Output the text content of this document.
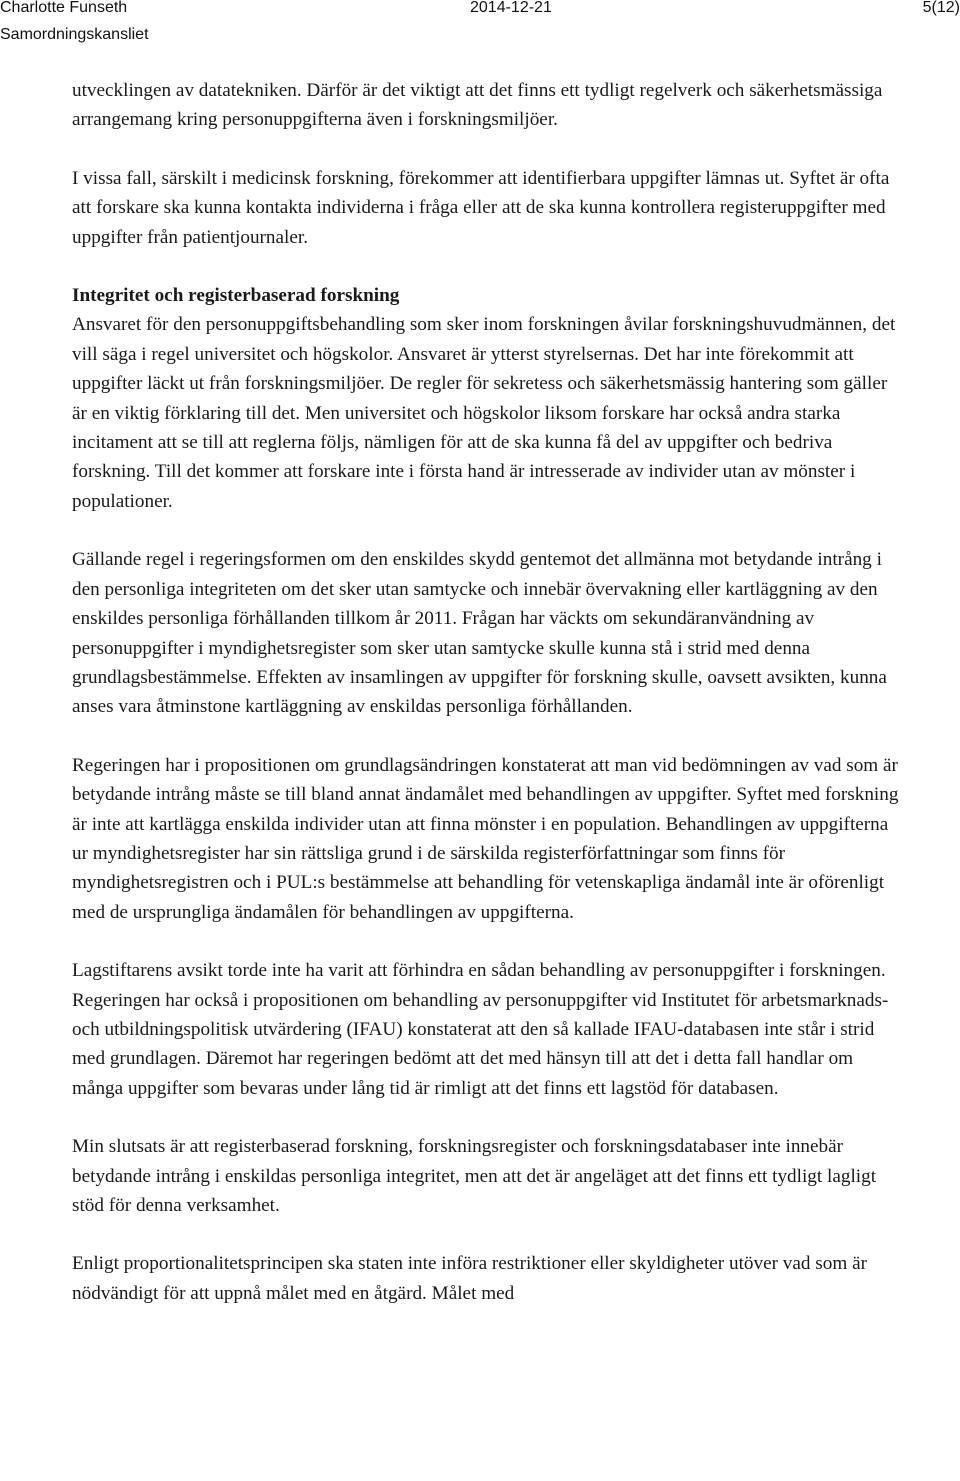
Charlotte Funseth
Samordningskansliet
2014-12-21	5(12)

utvecklingen av datatekniken. Därför är det viktigt att det finns ett tydligt regelverk och säkerhetsmässiga arrangemang kring personuppgifterna även i forskningsmiljöer.

I vissa fall, särskilt i medicinsk forskning, förekommer att identifierbara uppgifter lämnas ut. Syftet är ofta att forskare ska kunna kontakta individerna i fråga eller att de ska kunna kontrollera registeruppgifter med uppgifter från patientjournaler.

Integritet och registerbaserad forskning

Ansvaret för den personuppgiftsbehandling som sker inom forskningen åvilar forskningshuvudmännen, det vill säga i regel universitet och högskolor. Ansvaret är ytterst styrelsernas. Det har inte förekommit att uppgifter läckt ut från forskningsmiljöer. De regler för sekretess och säkerhetsmässig hantering som gäller är en viktig förklaring till det. Men universitet och högskolor liksom forskare har också andra starka incitament att se till att reglerna följs, nämligen för att de ska kunna få del av uppgifter och bedriva forskning. Till det kommer att forskare inte i första hand är intresserade av individer utan av mönster i populationer.

Gällande regel i regeringsformen om den enskildes skydd gentemot det allmänna mot betydande intrång i den personliga integriteten om det sker utan samtycke och innebär övervakning eller kartläggning av den enskildes personliga förhållanden tillkom år 2011. Frågan har väckts om sekundäranvändning av personuppgifter i myndighetsregister som sker utan samtycke skulle kunna stå i strid med denna grundlagsbestämmelse. Effekten av insamlingen av uppgifter för forskning skulle, oavsett avsikten, kunna anses vara åtminstone kartläggning av enskildas personliga förhållanden.

Regeringen har i propositionen om grundlagsändringen konstaterat att man vid bedömningen av vad som är betydande intrång måste se till bland annat ändamålet med behandlingen av uppgifter. Syftet med forskning är inte att kartlägga enskilda individer utan att finna mönster i en population. Behandlingen av uppgifterna ur myndighetsregister har sin rättsliga grund i de särskilda registerförfattningar som finns för myndighetsregistren och i PUL:s bestämmelse att behandling för vetenskapliga ändamål inte är oförenligt med de ursprungliga ändamålen för behandlingen av uppgifterna.

Lagstiftarens avsikt torde inte ha varit att förhindra en sådan behandling av personuppgifter i forskningen. Regeringen har också i propositionen om behandling av personuppgifter vid Institutet för arbetsmarknads- och utbildningspolitisk utvärdering (IFAU) konstaterat att den så kallade IFAU-databasen inte står i strid med grundlagen. Däremot har regeringen bedömt att det med hänsyn till att det i detta fall handlar om många uppgifter som bevaras under lång tid är rimligt att det finns ett lagstöd för databasen.

Min slutsats är att registerbaserad forskning, forskningsregister och forskningsdatabaser inte innebär betydande intrång i enskildas personliga integritet, men att det är angeläget att det finns ett tydligt lagligt stöd för denna verksamhet.

Enligt proportionalitetsprincipen ska staten inte införa restriktioner eller skyldigheter utöver vad som är nödvändigt för att uppnå målet med en åtgärd. Målet med
